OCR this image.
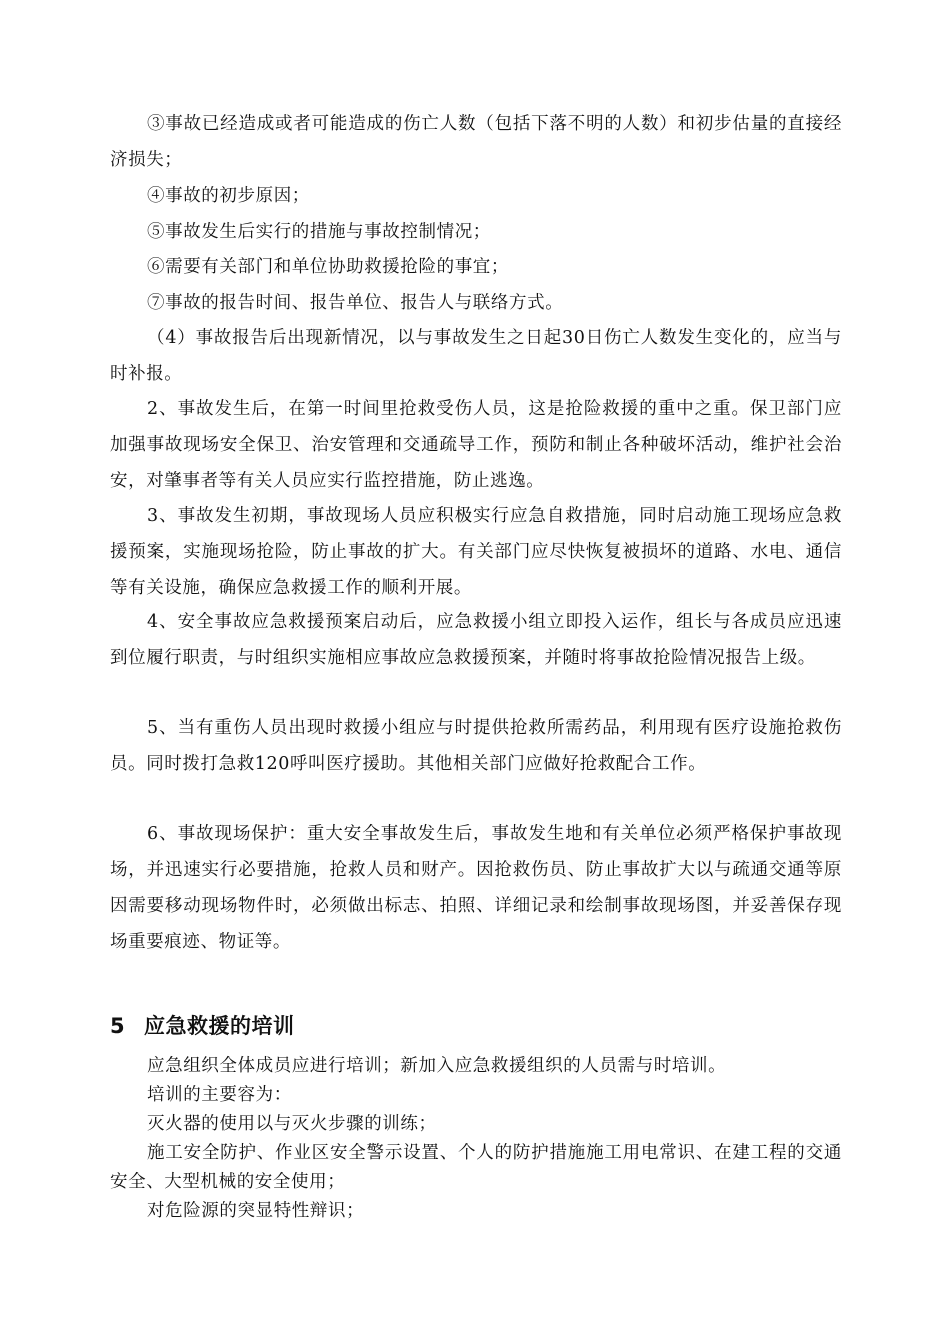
③事故已经造成或者可能造成的伤亡人数（包括下落不明的人数）和初步估量的直接经济损失；

④事故的初步原因；

⑤事故发生后实行的措施与事故控制情况；

⑥需要有关部门和单位协助救援抢险的事宜；

⑦事故的报告时间、报告单位、报告人与联络方式。

（4）事故报告后出现新情况，以与事故发生之日起30日伤亡人数发生变化的，应当与时补报。

2、事故发生后，在第一时间里抢救受伤人员，这是抢险救援的重中之重。保卫部门应加强事故现场安全保卫、治安管理和交通疏导工作，预防和制止各种破坏活动，维护社会治安，对肇事者等有关人员应实行监控措施，防止逃逸。

3、事故发生初期，事故现场人员应积极实行应急自救措施，同时启动施工现场应急救援预案，实施现场抢险，防止事故的扩大。有关部门应尽快恢复被损坏的道路、水电、通信等有关设施，确保应急救援工作的顺利开展。

4、安全事故应急救援预案启动后，应急救援小组立即投入运作，组长与各成员应迅速到位履行职责，与时组织实施相应事故应急救援预案，并随时将事故抢险情况报告上级。

5、当有重伤人员出现时救援小组应与时提供抢救所需药品，利用现有医疗设施抢救伤员。同时拨打急救120呼叫医疗援助。其他相关部门应做好抢救配合工作。

6、事故现场保护：重大安全事故发生后，事故发生地和有关单位必须严格保护事故现场，并迅速实行必要措施，抢救人员和财产。因抢救伤员、防止事故扩大以与疏通交通等原因需要移动现场物件时，必须做出标志、拍照、详细记录和绘制事故现场图，并妥善保存现场重要痕迹、物证等。

5 应急救援的培训

应急组织全体成员应进行培训；新加入应急救援组织的人员需与时培训。

培训的主要容为：

灭火器的使用以与灭火步骤的训练；

施工安全防护、作业区安全警示设置、个人的防护措施施工用电常识、在建工程的交通安全、大型机械的安全使用；

对危险源的突显特性辩识；
